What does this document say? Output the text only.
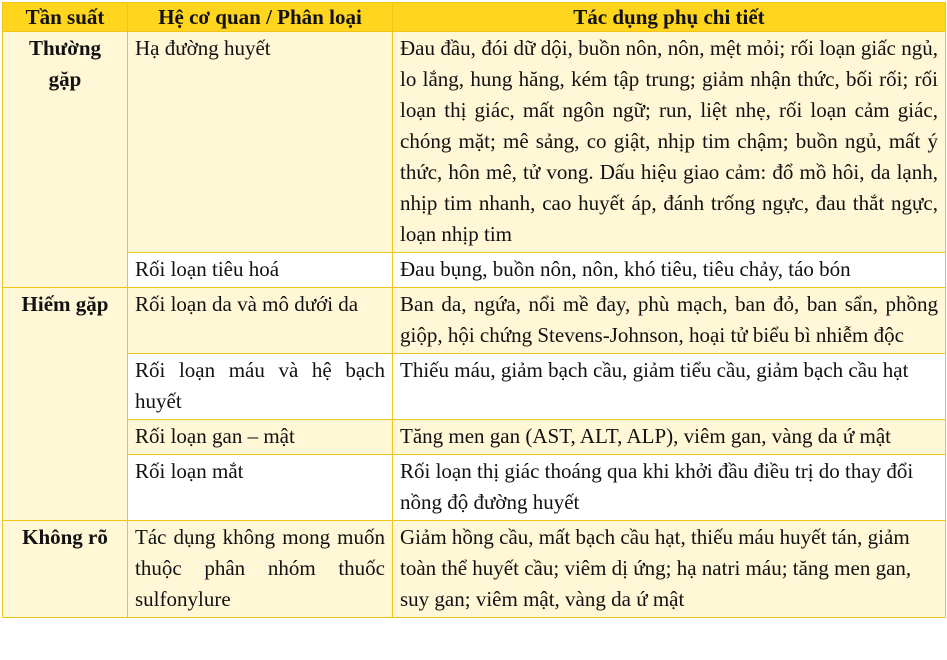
Tần suất	Hệ cơ quan / Phân loại	Tác dụng phụ chi tiết
Thường gặp	Hạ đường huyết	Đau đầu, đói dữ dội, buồn nôn, nôn, mệt mỏi; rối loạn giấc ngủ, lo lắng, hung hăng, kém tập trung; giảm nhận thức, bối rối; rối loạn thị giác, mất ngôn ngữ; run, liệt nhẹ, rối loạn cảm giác, chóng mặt; mê sảng, co giật, nhịp tim chậm; buồn ngủ, mất ý thức, hôn mê, tử vong. Dấu hiệu giao cảm: đổ mồ hôi, da lạnh, nhịp tim nhanh, cao huyết áp, đánh trống ngực, đau thắt ngực, loạn nhịp tim
	Rối loạn tiêu hoá	Đau bụng, buồn nôn, nôn, khó tiêu, tiêu chảy, táo bón
Hiếm gặp	Rối loạn da và mô dưới da	Ban da, ngứa, nổi mề đay, phù mạch, ban đỏ, ban sẩn, phồng giộp, hội chứng Stevens-Johnson, hoại tử biểu bì nhiễm độc
	Rối loạn máu và hệ bạch huyết	Thiếu máu, giảm bạch cầu, giảm tiểu cầu, giảm bạch cầu hạt
	Rối loạn gan – mật	Tăng men gan (AST, ALT, ALP), viêm gan, vàng da ứ mật
	Rối loạn mắt	Rối loạn thị giác thoáng qua khi khởi đầu điều trị do thay đổi nồng độ đường huyết
Không rõ	Tác dụng không mong muốn thuộc phân nhóm thuốc sulfonylure	Giảm hồng cầu, mất bạch cầu hạt, thiếu máu huyết tán, giảm toàn thể huyết cầu; viêm dị ứng; hạ natri máu; tăng men gan, suy gan; viêm mật, vàng da ứ mật
